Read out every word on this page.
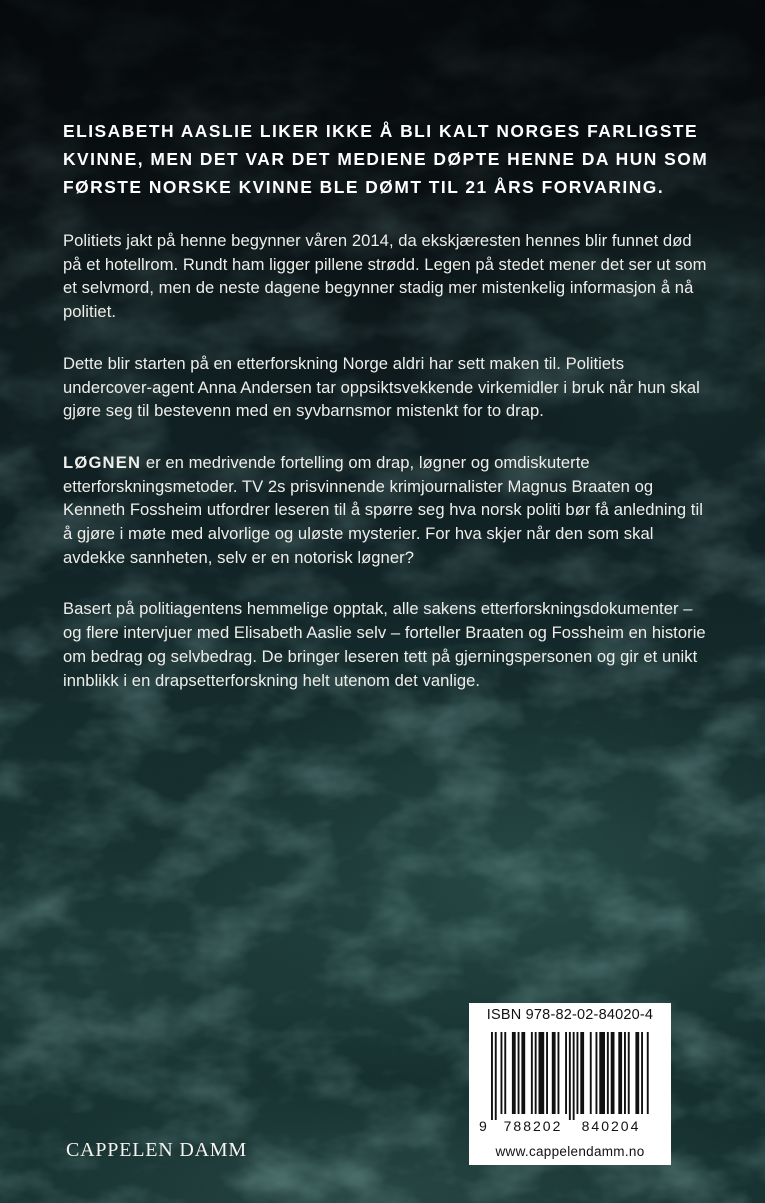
ELISABETH AASLIE LIKER IKKE Å BLI KALT NORGES FARLIGSTE KVINNE, MEN DET VAR DET MEDIENE DØPTE HENNE DA HUN SOM FØRSTE NORSKE KVINNE BLE DØMT TIL 21 ÅRS FORVARING.

Politiets jakt på henne begynner våren 2014, da ekskjæresten hennes blir funnet død på et hotellrom. Rundt ham ligger pillene strødd. Legen på stedet mener det ser ut som et selvmord, men de neste dagene begynner stadig mer mistenkelig informasjon å nå politiet.

Dette blir starten på en etterforskning Norge aldri har sett maken til. Politiets undercover-agent Anna Andersen tar oppsiktsvekkende virkemidler i bruk når hun skal gjøre seg til bestevenn med en syvbarnsmor mistenkt for to drap.

LØGNEN er en medrivende fortelling om drap, løgner og omdiskuterte etterforskningsmetoder. TV 2s prisvinnende krimjournalister Magnus Braaten og Kenneth Fossheim utfordrer leseren til å spørre seg hva norsk politi bør få anledning til å gjøre i møte med alvorlige og uløste mysterier. For hva skjer når den som skal avdekke sannheten, selv er en notorisk løgner?

Basert på politiagentens hemmelige opptak, alle sakens etterforskningsdokumenter – og flere intervjuer med Elisabeth Aaslie selv – forteller Braaten og Fossheim en historie om bedrag og selvbedrag. De bringer leseren tett på gjerningspersonen og gir et unikt innblikk i en drapsetterforskning helt utenom det vanlige.

CAPPELEN DAMM
ISBN 978-82-02-84020-4
9 788202 840204
www.cappelendamm.no
